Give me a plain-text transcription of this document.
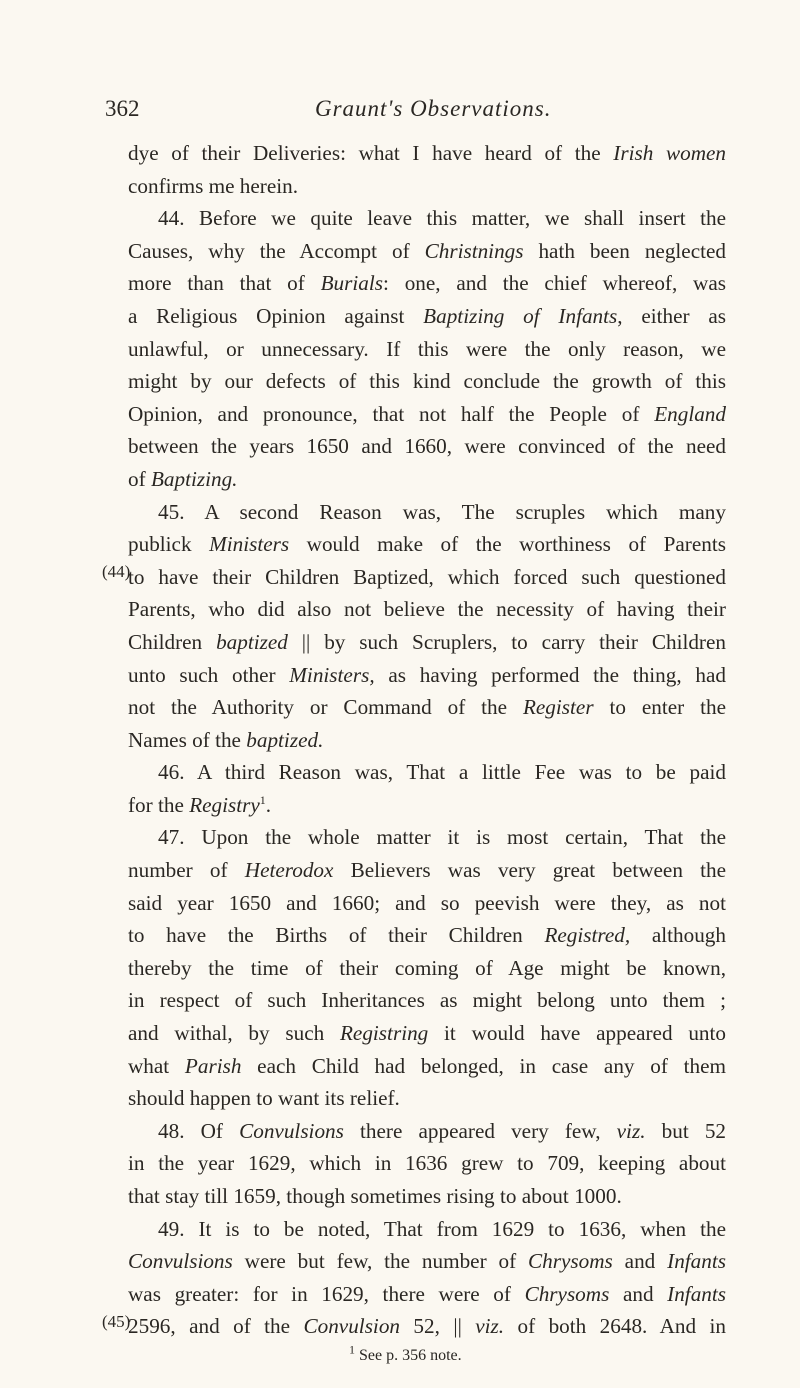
362	Graunt's Observations.
(44)
(45)
dye of their Deliveries: what I have heard of the Irish women
confirms me herein.
44. Before we quite leave this matter, we shall insert the
Causes, why the Accompt of Christnings hath been neglected
more than that of Burials: one, and the chief whereof, was
a Religious Opinion against Baptizing of Infants, either as
unlawful, or unnecessary. If this were the only reason, we
might by our defects of this kind conclude the growth of this
Opinion, and pronounce, that not half the People of England
between the years 1650 and 1660, were convinced of the need
of Baptizing.
45. A second Reason was, The scruples which many
publick Ministers would make of the worthiness of Parents
to have their Children Baptized, which forced such questioned
Parents, who did also not believe the necessity of having their
Children baptized || by such Scruplers, to carry their Children
unto such other Ministers, as having performed the thing, had
not the Authority or Command of the Register to enter the
Names of the baptized.
46. A third Reason was, That a little Fee was to be paid
for the Registry$^1$.
47. Upon the whole matter it is most certain, That the
number of Heterodox Believers was very great between the
said year 1650 and 1660; and so peevish were they, as not
to have the Births of their Children Registred, although
thereby the time of their coming of Age might be known,
in respect of such Inheritances as might belong unto them ;
and withal, by such Registring it would have appeared unto
what Parish each Child had belonged, in case any of them
should happen to want its relief.
48. Of Convulsions there appeared very few, viz. but 52
in the year 1629, which in 1636 grew to 709, keeping about
that stay till 1659, though sometimes rising to about 1000.
49. It is to be noted, That from 1629 to 1636, when the
Convulsions were but few, the number of Chrysoms and Infants
was greater: for in 1629, there were of Chrysoms and Infants
2596, and of the Convulsion 52, || viz. of both 2648. And in
$^1$ See p. 356 note.
